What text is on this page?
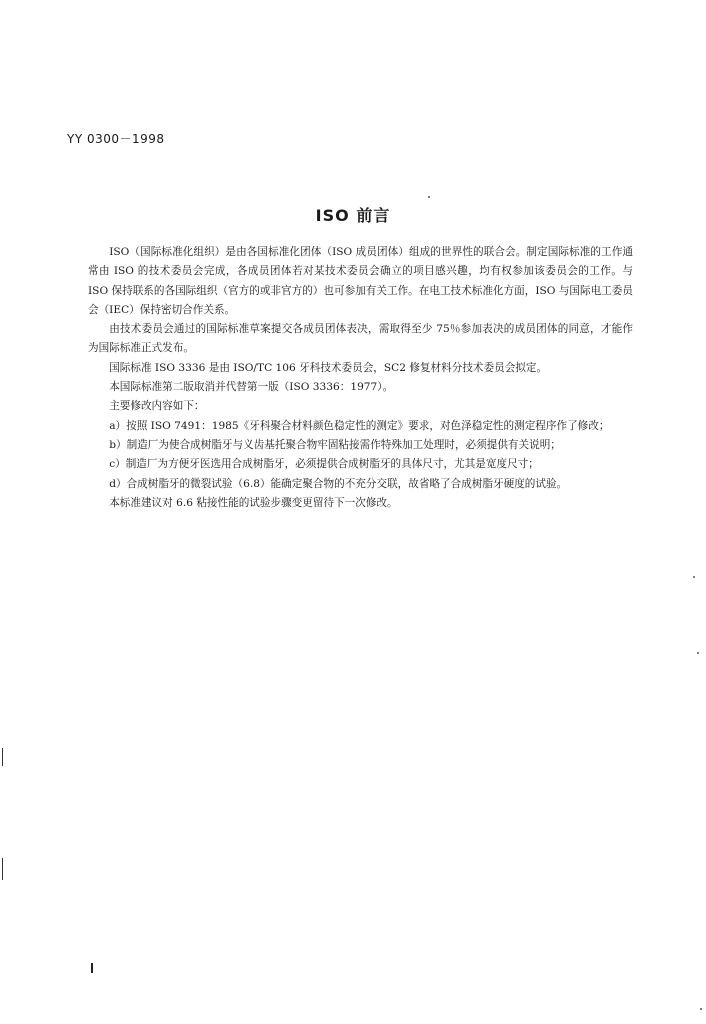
YY 0300－1998
ISO 前言

ISO（国际标准化组织）是由各国标准化团体（ISO 成员团体）组成的世界性的联合会。制定国际标准的工作通常由 ISO 的技术委员会完成，各成员团体若对某技术委员会确立的项目感兴趣，均有权参加该委员会的工作。与 ISO 保持联系的各国际组织（官方的或非官方的）也可参加有关工作。在电工技术标准化方面，ISO 与国际电工委员会（IEC）保持密切合作关系。

由技术委员会通过的国际标准草案提交各成员团体表决，需取得至少 75％参加表决的成员团体的同意，才能作为国际标准正式发布。

国际标准 ISO 3336 是由 ISO/TC 106 牙科技术委员会，SC2 修复材料分技术委员会拟定。

本国际标准第二版取消并代替第一版（ISO 3336：1977）。

主要修改内容如下：

a）按照 ISO 7491：1985《牙科聚合材料颜色稳定性的测定》要求，对色泽稳定性的测定程序作了修改；

b）制造厂为使合成树脂牙与义齿基托聚合物牢固粘接需作特殊加工处理时，必须提供有关说明；

c）制造厂为方便牙医选用合成树脂牙，必须提供合成树脂牙的具体尺寸，尤其是宽度尺寸；

d）合成树脂牙的微裂试验（6.8）能确定聚合物的不充分交联，故省略了合成树脂牙硬度的试验。

本标准建议对 6.6 粘接性能的试验步骤变更留待下一次修改。
